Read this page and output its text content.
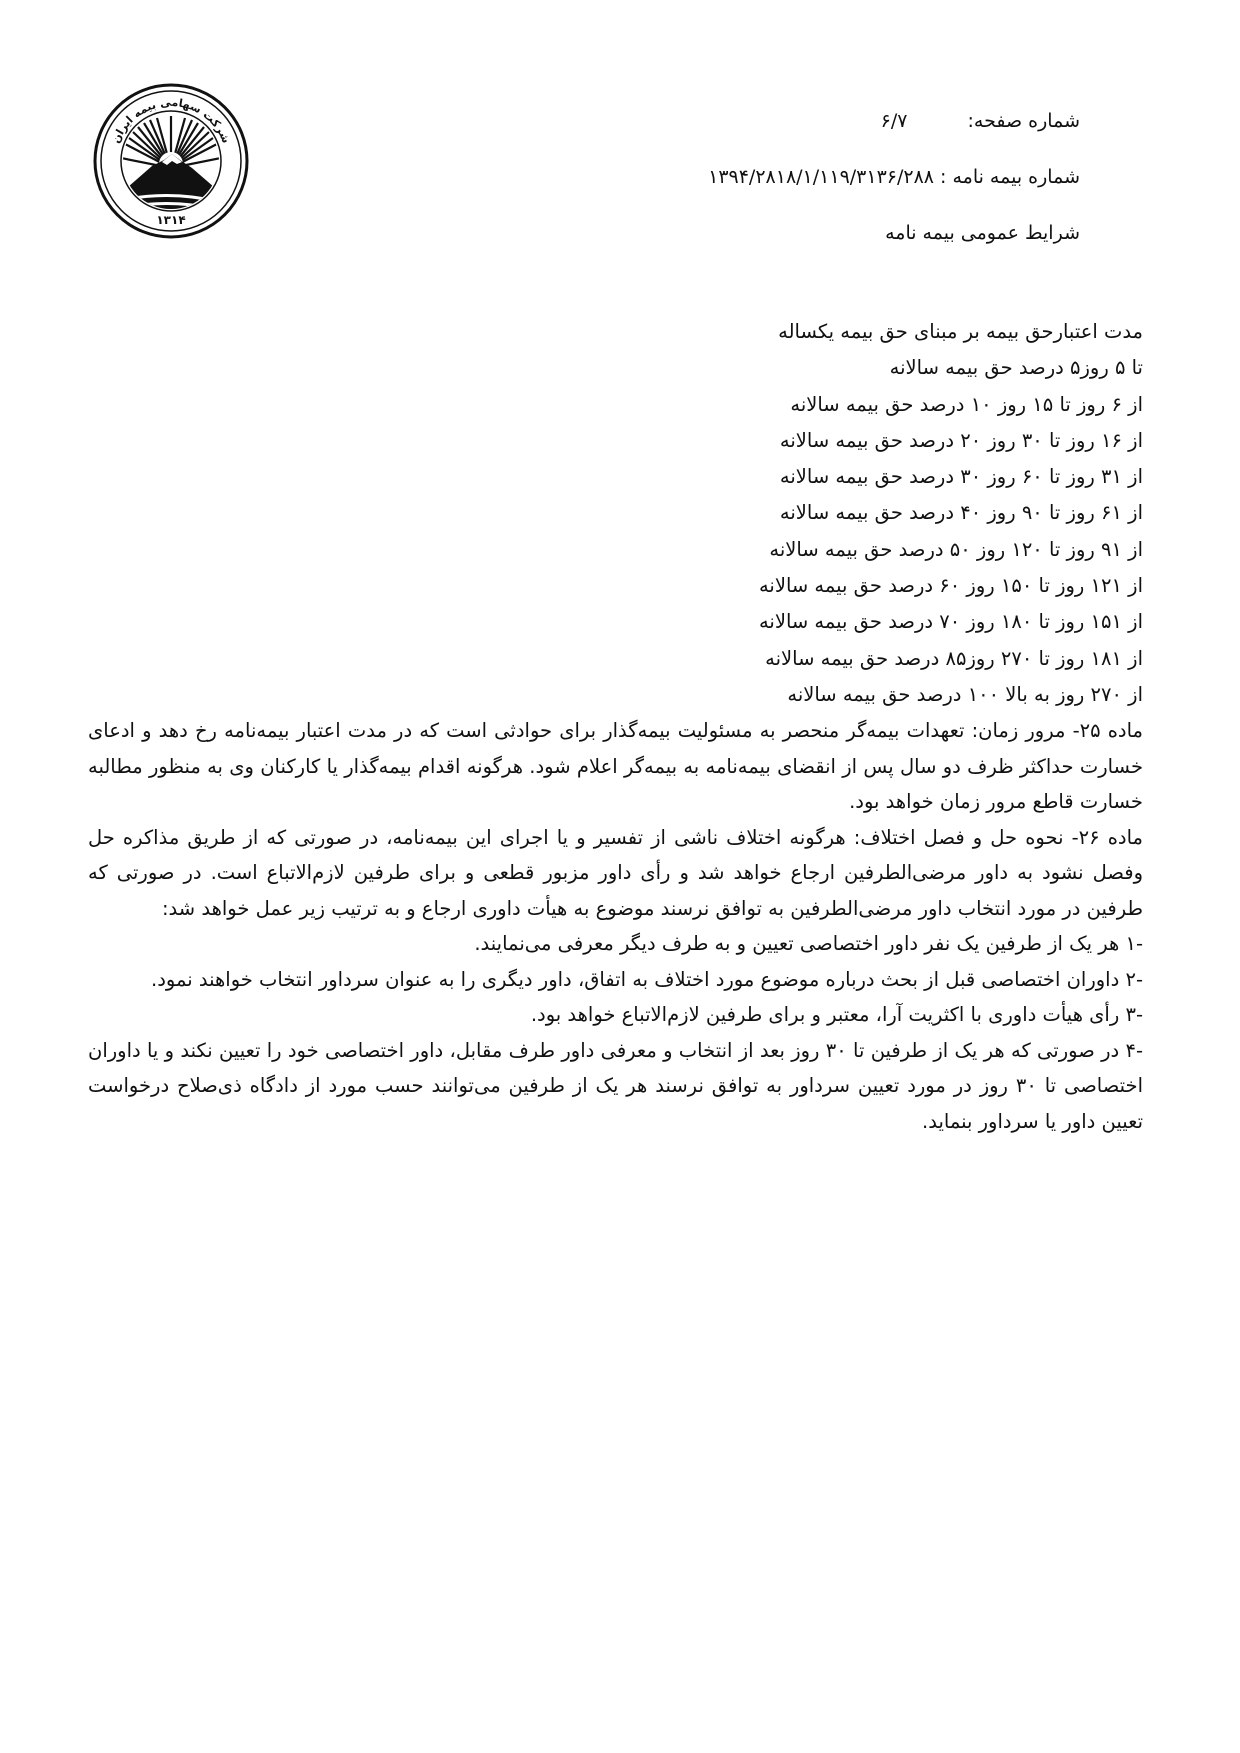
شرکت سهامی بیمه ایران
۱۳۱۴
شماره صفحه: ۶/۷
شماره بیمه نامه :۱۳۹۴/۲۸۱۸/۱/۱۱۹/۳۱۳۶/۲۸۸
شرایط عمومی بیمه نامه
مدت اعتبارحق بیمه بر مبنای حق بیمه یکساله
تا ۵ روز۵ درصد حق بیمه سالانه
از ۶ روز تا ۱۵ روز ۱۰ درصد حق بیمه سالانه
از ۱۶ روز تا ۳۰ روز ۲۰ درصد حق بیمه سالانه
از ۳۱ روز تا ۶۰ روز ۳۰ درصد حق بیمه سالانه
از ۶۱ روز تا ۹۰ روز ۴۰ درصد حق بیمه سالانه
از ۹۱ روز تا ۱۲۰ روز ۵۰ درصد حق بیمه سالانه
از ۱۲۱ روز تا ۱۵۰ روز ۶۰ درصد حق بیمه سالانه
از ۱۵۱ روز تا ۱۸۰ روز ۷۰ درصد حق بیمه سالانه
از ۱۸۱ روز تا ۲۷۰ روز۸۵ درصد حق بیمه سالانه
از ۲۷۰ روز به بالا ۱۰۰ درصد حق بیمه سالانه

ماده ۲۵- مرور زمان: تعهدات بیمه‌گر منحصر به مسئولیت بیمه‌گذار برای حوادثی است که در مدت اعتبار بیمه‌نامه رخ دهد و ادعای خسارت حداکثر ظرف دو سال پس از انقضای بیمه‌نامه به بیمه‌گر اعلام شود. هرگونه اقدام بیمه‌گذار یا کارکنان وی به منظور مطالبه خسارت قاطع مرور زمان خواهد بود.

ماده ۲۶- نحوه حل و فصل اختلاف: هرگونه اختلاف ناشی از تفسیر و یا اجرای این بیمه‌نامه، در صورتی که از طریق مذاکره حل وفصل نشود به داور مرضی‌الطرفین ارجاع خواهد شد و رأی داور مزبور قطعی و برای طرفین لازم‌الاتباع است. در صورتی که طرفین در مورد انتخاب داور مرضی‌الطرفین به توافق نرسند موضوع به هیأت داوری ارجاع و به ترتیب زیر عمل خواهد شد:

-۱ هر یک از طرفین یک نفر داور اختصاصی تعیین و به طرف دیگر معرفی می‌نمایند.

-۲ داوران اختصاصی قبل از بحث درباره موضوع مورد اختلاف به اتفاق، داور دیگری را به عنوان سرداور انتخاب خواهند نمود.

-۳ رأی هیأت داوری با اکثریت آرا، معتبر و برای طرفین لازم‌الاتباع خواهد بود.

-۴ در صورتی که هر یک از طرفین تا ۳۰ روز بعد از انتخاب و معرفی داور طرف مقابل، داور اختصاصی خود را تعیین نکند و یا داوران اختصاصی تا ۳۰ روز در مورد تعیین سرداور به توافق نرسند هر یک از طرفین می‌توانند حسب مورد از دادگاه ذی‌صلاح درخواست تعیین داور یا سرداور بنماید.
